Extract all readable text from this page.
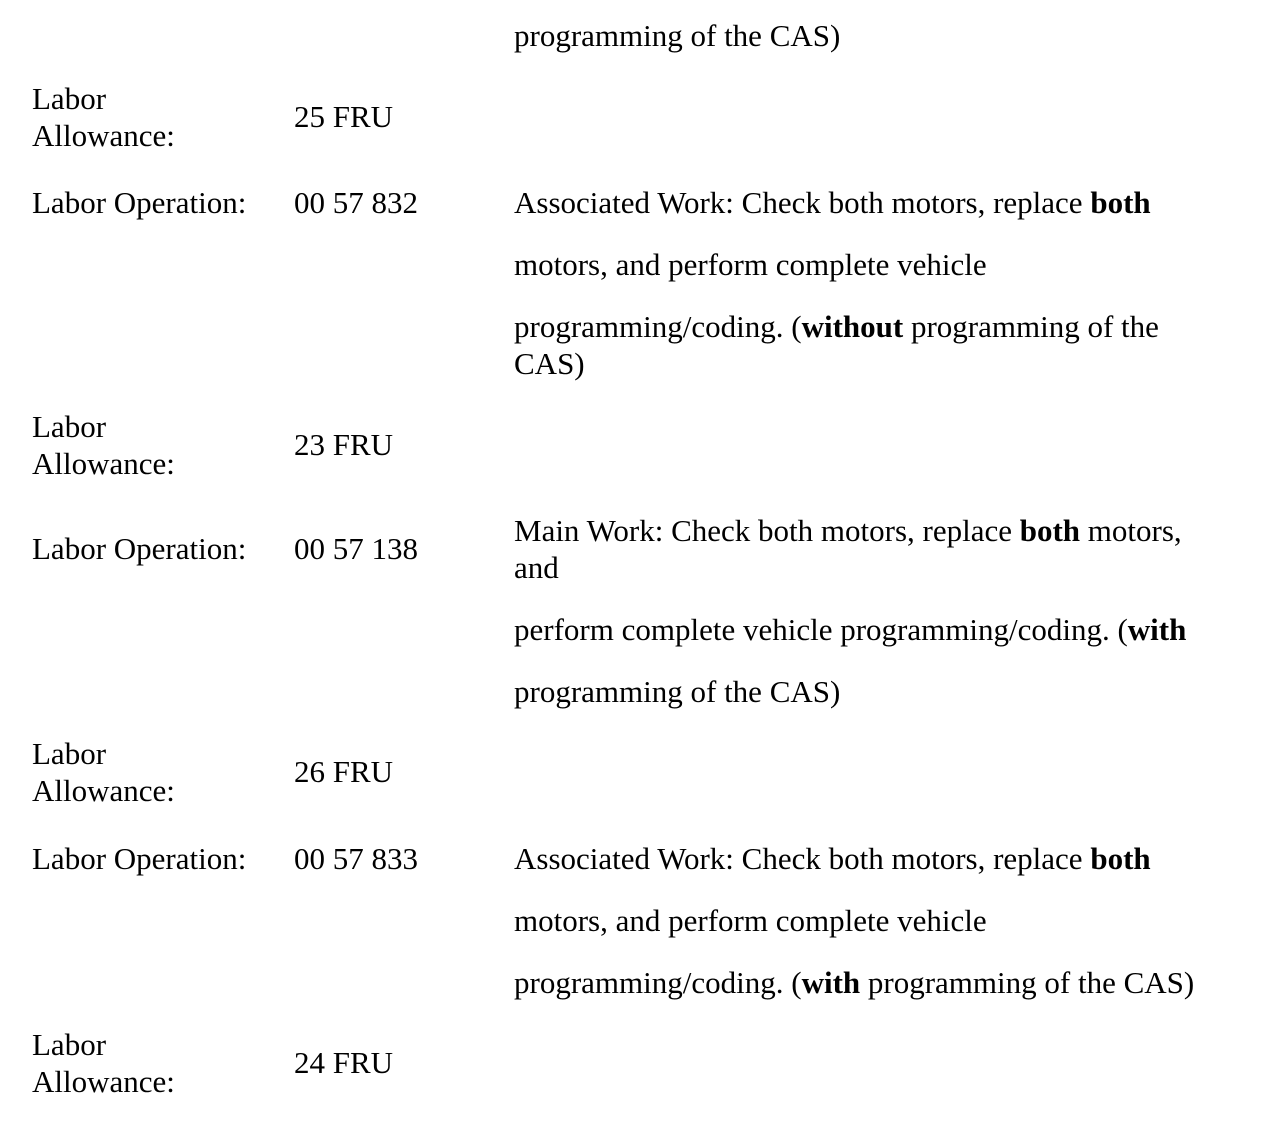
programming of the CAS)
Labor
Allowance:
25 FRU
Labor Operation: 00 57 832	Associated Work: Check both motors, replace both
motors, and perform complete vehicle
programming/coding. (without programming of the
CAS)
Labor
Allowance:
23 FRU
Labor Operation: 00 57 138
Main Work: Check both motors, replace both motors,
and
perform complete vehicle programming/coding. (with
programming of the CAS)
Labor
Allowance:
26 FRU
Labor Operation: 00 57 833	Associated Work: Check both motors, replace both
motors, and perform complete vehicle
programming/coding. (with programming of the CAS)
Labor
Allowance:
24 FRU
